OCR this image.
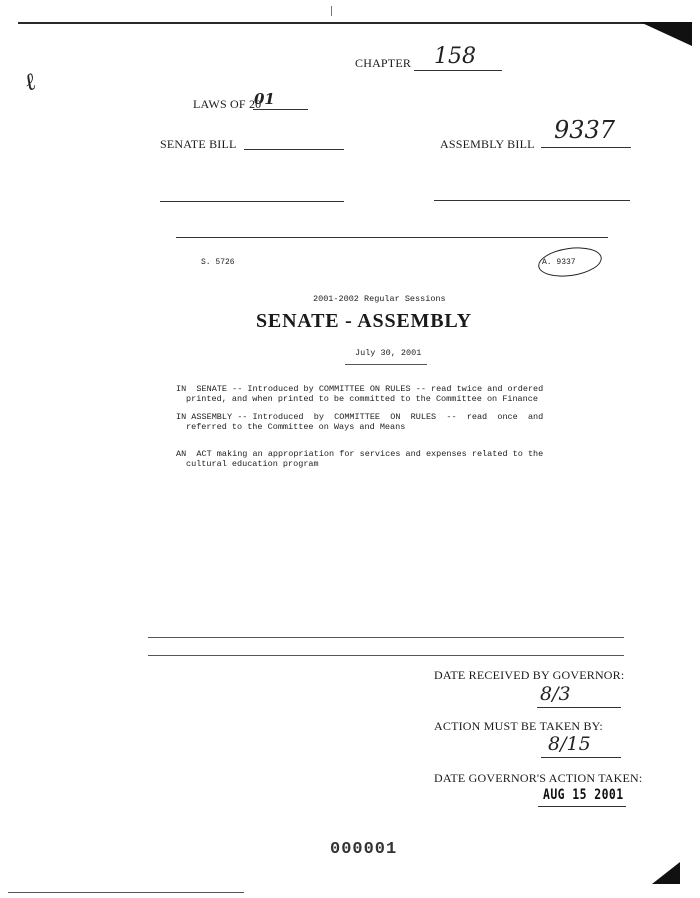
ℓ
CHAPTER 158
LAWS OF 20
01
SENATE BILL	ASSEMBLY BILL 9337
S. 5726	A. 9337
2001-2002 Regular Sessions
SENATE - ASSEMBLY
July 30, 2001
IN  SENATE -- Introduced by COMMITTEE ON RULES -- read twice and ordered
printed, and when printed to be committed to the Committee on Finance
IN ASSEMBLY -- Introduced  by  COMMITTEE  ON  RULES  --  read  once  and
referred to the Committee on Ways and Means
AN  ACT making an appropriation for services and expenses related to the
cultural education program
DATE RECEIVED BY GOVERNOR:
8/3
ACTION MUST BE TAKEN BY:
8/15
DATE GOVERNOR'S ACTION TAKEN:
AUG 15 2001
000001
